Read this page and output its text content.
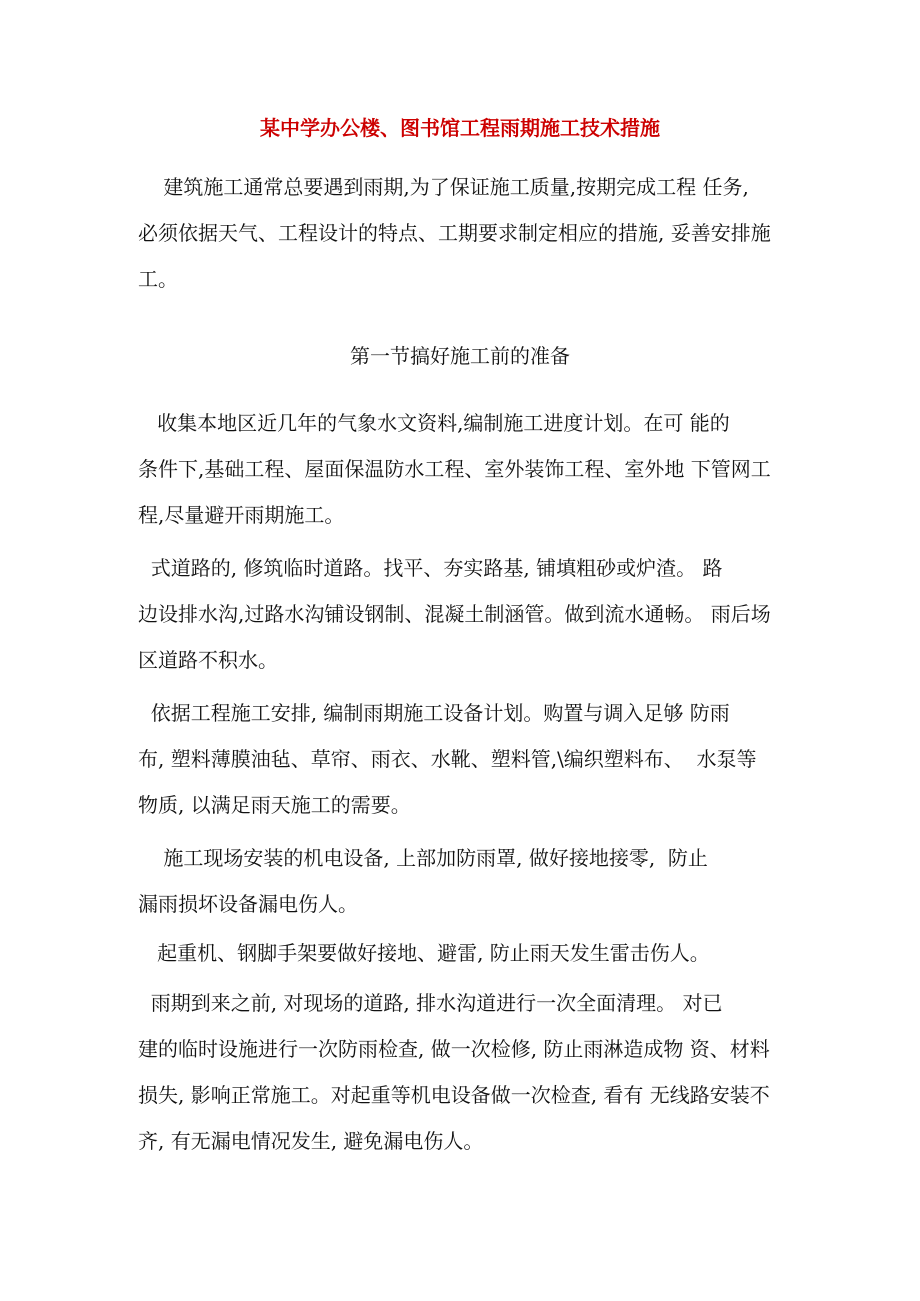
某中学办公楼、图书馆工程雨期施工技术措施

建筑施工通常总要遇到雨期,为了保证施工质量,按期完成工程 任务,
必须依据天气、工程设计的特点、工期要求制定相应的措施, 妥善安排施
工。

第一节搞好施工前的准备

收集本地区近几年的气象水文资料,编制施工进度计划。在可 能的
条件下,基础工程、屋面保温防水工程、室外装饰工程、室外地 下管网工
程,尽量避开雨期施工。

式道路的, 修筑临时道路。找平、夯实路基, 铺填粗砂或炉渣。 路
边设排水沟,过路水沟铺设钢制、混凝土制涵管。做到流水通畅。 雨后场
区道路不积水。

依据工程施工安排, 编制雨期施工设备计划。购置与调入足够 防雨
布, 塑料薄膜油毡、草帘、雨衣、水靴、塑料管,\编织塑料布、  水泵等
物质, 以满足雨天施工的需要。

施工现场安装的机电设备, 上部加防雨罩, 做好接地接零,  防止
漏雨损坏设备漏电伤人。

起重机、钢脚手架要做好接地、避雷, 防止雨天发生雷击伤人。

雨期到来之前, 对现场的道路, 排水沟道进行一次全面清理。 对已
建的临时设施进行一次防雨检查, 做一次检修, 防止雨淋造成物 资、材料
损失, 影响正常施工。对起重等机电设备做一次检查, 看有 无线路安装不
齐, 有无漏电情况发生, 避免漏电伤人。
